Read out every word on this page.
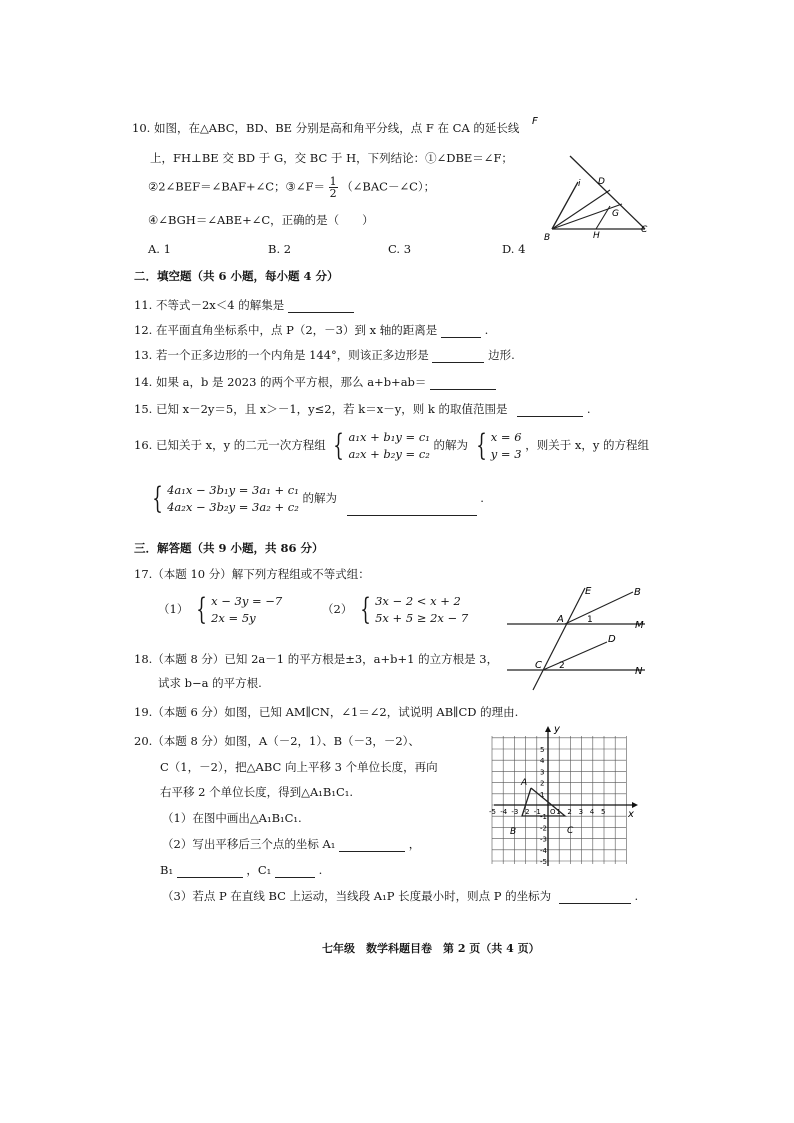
10. 如图，在△ABC，BD、BE 分别是高和角平分线，点 F 在 CA 的延长线
上，FH⊥BE 交 BD 于 G，交 BC 于 H，下列结论：①∠DBE＝∠F；
②2∠BEF＝∠BAF+∠C；③∠F＝ $\frac{1}{2}$ （∠BAC－∠C）；
④∠BGH＝∠ABE+∠C，正确的是（　　）
A. 1	B. 2	C. 3	D. 4
F
i D
G
B	H
C
二．填空题（共 6 小题，每小题 4 分）
11. 不等式－2x＜4 的解集是
12. 在平面直角坐标系中，点 P（2，－3）到 x 轴的距离是	.
13. 若一个正多边形的一个内角是 144°，则该正多边形是	边形.
14. 如果 a，b 是 2023 的两个平方根，那么 a+b+ab＝
15. 已知 x－2y＝5，且 x＞－1，y≤2，若 k＝x－y，则 k 的取值范围是	.
16. 已知关于 x，y 的二元一次方程组 { a₁x + b₁y = c₁
a₂x + b₂y = c₂
的解为 { x = 6
y = 3
，则关于 x，y 的方程组
{ 4a₁x − 3b₁y = 3a₁ + c₁
4a₂x − 3b₂y = 3a₂ + c₂
的解为	.
三．解答题（共 9 小题，共 86 分）
17.（本题 10 分）解下列方程组或不等式组：
（1） { x − 3y = −7
2x = 5y
（2） { 3x − 2 < x + 2
5x + 5 ≥ 2x − 7
18.（本题 8 分）已知 2a－1 的平方根是±3，a+b+1 的立方根是 3，
试求 b−a 的平方根.
E	B
A	1	M
D
C 2	N
19.（本题 6 分）如图，已知 AM∥CN，∠1＝∠2，试说明 AB∥CD 的理由.
20.（本题 8 分）如图，A（－2，1）、B（－3，－2）、
C（1，－2），把△ABC 向上平移 3 个单位长度，再向
右平移 2 个单位长度，得到△A₁B₁C₁.
（1）在图中画出△A₁B₁C₁.
（2）写出平移后三个点的坐标 A₁	，
B₁	，C₁	.
（3）若点 P 在直线 BC 上运动，当线段 A₁P 长度最小时，则点 P 的坐标为	.
y
x
O
-5 -4 -3 -2 -1 1 2 3 4 5
5
4
3
2
1
-1
-2
-3
-4
-5
A
B	C
七年级　数学科题目卷　第 2 页（共 4 页）
